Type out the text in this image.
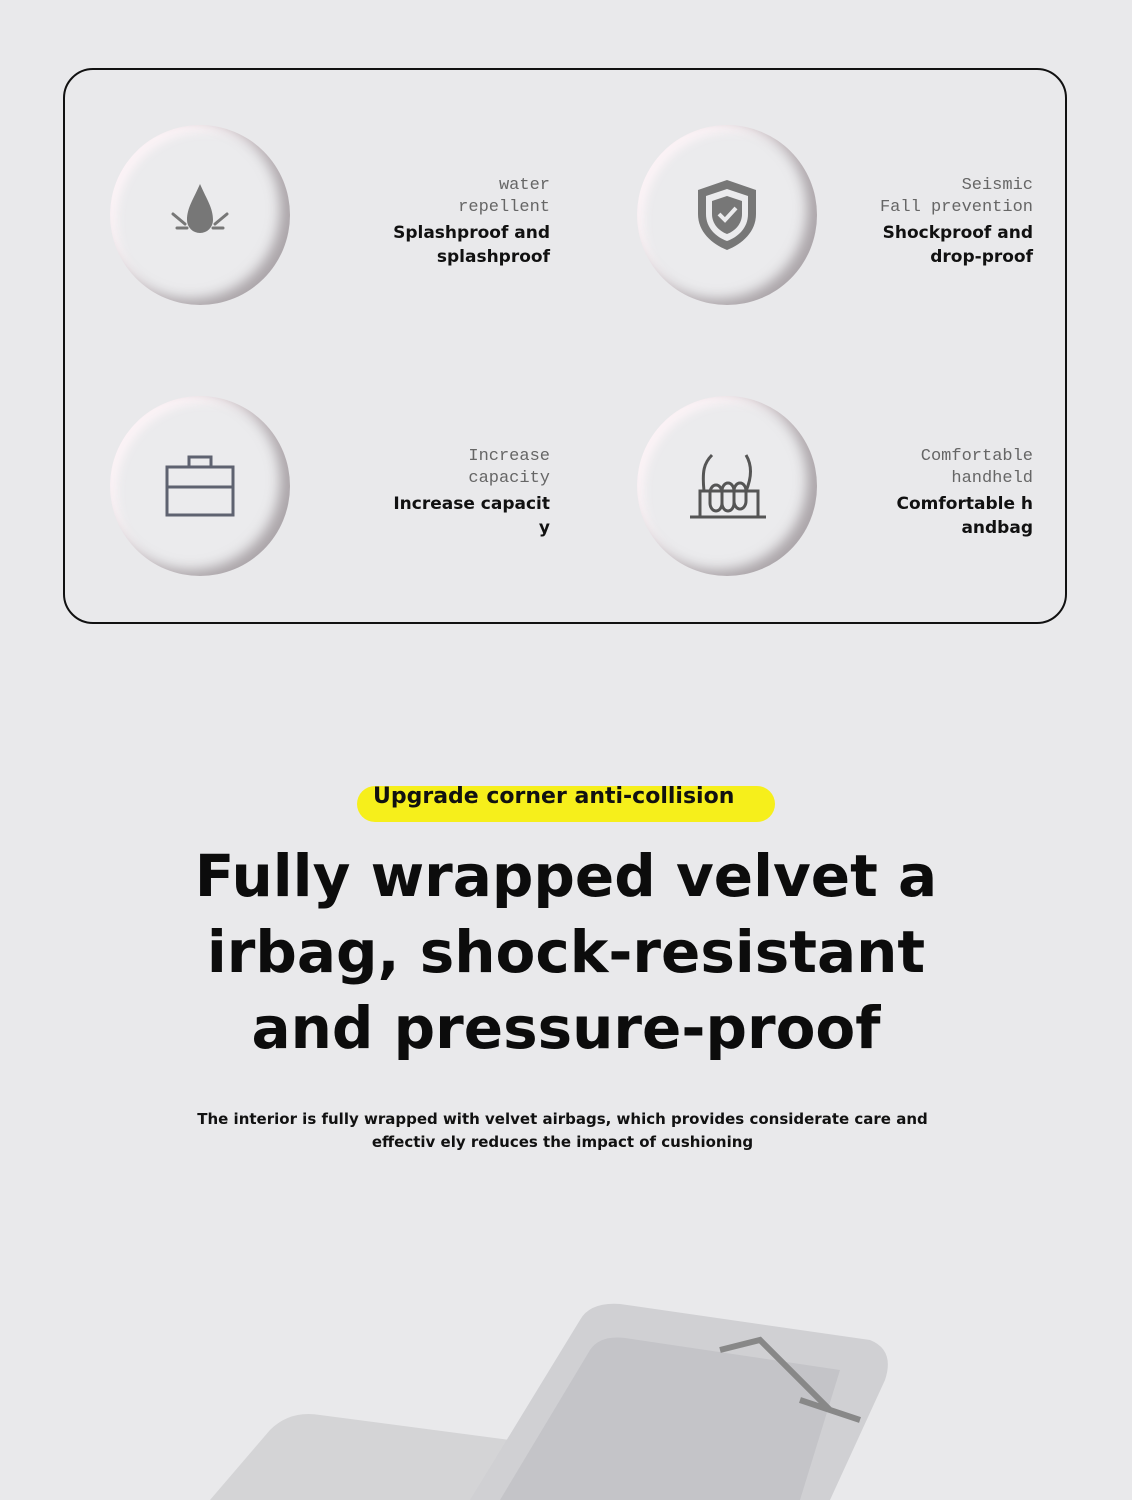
water
repellent
Splashproof and
splashproof
Seismic
Fall prevention
Shockproof and
drop-proof
Increase
capacity
Increase capacit
y
Comfortable
handheld
Comfortable h
andbag
Upgrade corner anti-collision
Fully wrapped velvet a
irbag, shock-resistant
and pressure-proof
The interior is fully wrapped with velvet airbags, which provides considerate care and effectiv ely reduces the impact of cushioning
